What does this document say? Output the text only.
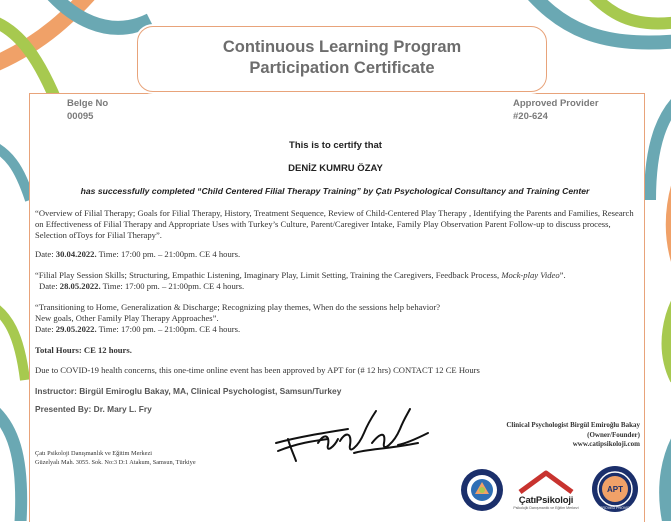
Continuous Learning Program
Participation Certificate
Belge No
00095
Approved Provider
#20-624
This is to certify that
DENİZ KUMRU ÖZAY
has successfully completed “Child Centered Filial Therapy Training” by Çatı Psychological Consultancy and Training Center
“Overview of Filial Therapy; Goals for Filial Therapy, History, Treatment Sequence, Review of Child-Centered Play Therapy , Identifying the Parents and Families, Research on Effectiveness of Filial Therapy and Appropriate Uses with Turkey’s Culture, Parent/Caregiver Intake, Family Play Observation Parent Follow-up to discuss process, Selection ofToys for Filial Therapy”.
Date: 30.04.2022. Time: 17:00 pm. – 21:00pm. CE 4 hours.
“Filial Play Session Skills; Structuring, Empathic Listening, Imaginary Play, Limit Setting, Training the Caregivers, Feedback Process, Mock-play Video”.
Date: 28.05.2022. Time: 17:00 pm. – 21:00pm. CE 4 hours.
“Transitioning to Home, Generalization & Discharge; Recognizing play themes, When do the sessions help behavior?
New goals, Other Family Play Therapy Approaches”.
Date: 29.05.2022. Time: 17:00 pm. – 21:00pm. CE 4 hours.
Total Hours: CE 12 hours.
Due to COVID-19 health concerns, this one-time online event has been approved by APT for (# 12 hrs) CONTACT 12 CE Hours
Instructor: Birgül Emiroglu Bakay, MA, Clinical Psychologist, Samsun/Turkey
Presented By: Dr. Mary L. Fry
Çatı Psikoloji Danışmanlık ve Eğitim Merkezi
Güzelyalı Mah. 3055. Sok. No:3 D:1 Atakum, Samsun, Türkiye
Clinical Psychologist Birgül Emiroğlu Bakay
(Owner/Founder)
www.catipsikoloji.com
ÇatıPsikoloji
Psikolojik Danışmanlık ve Eğitim Merkezi
APT
APPROVED PROVIDER
